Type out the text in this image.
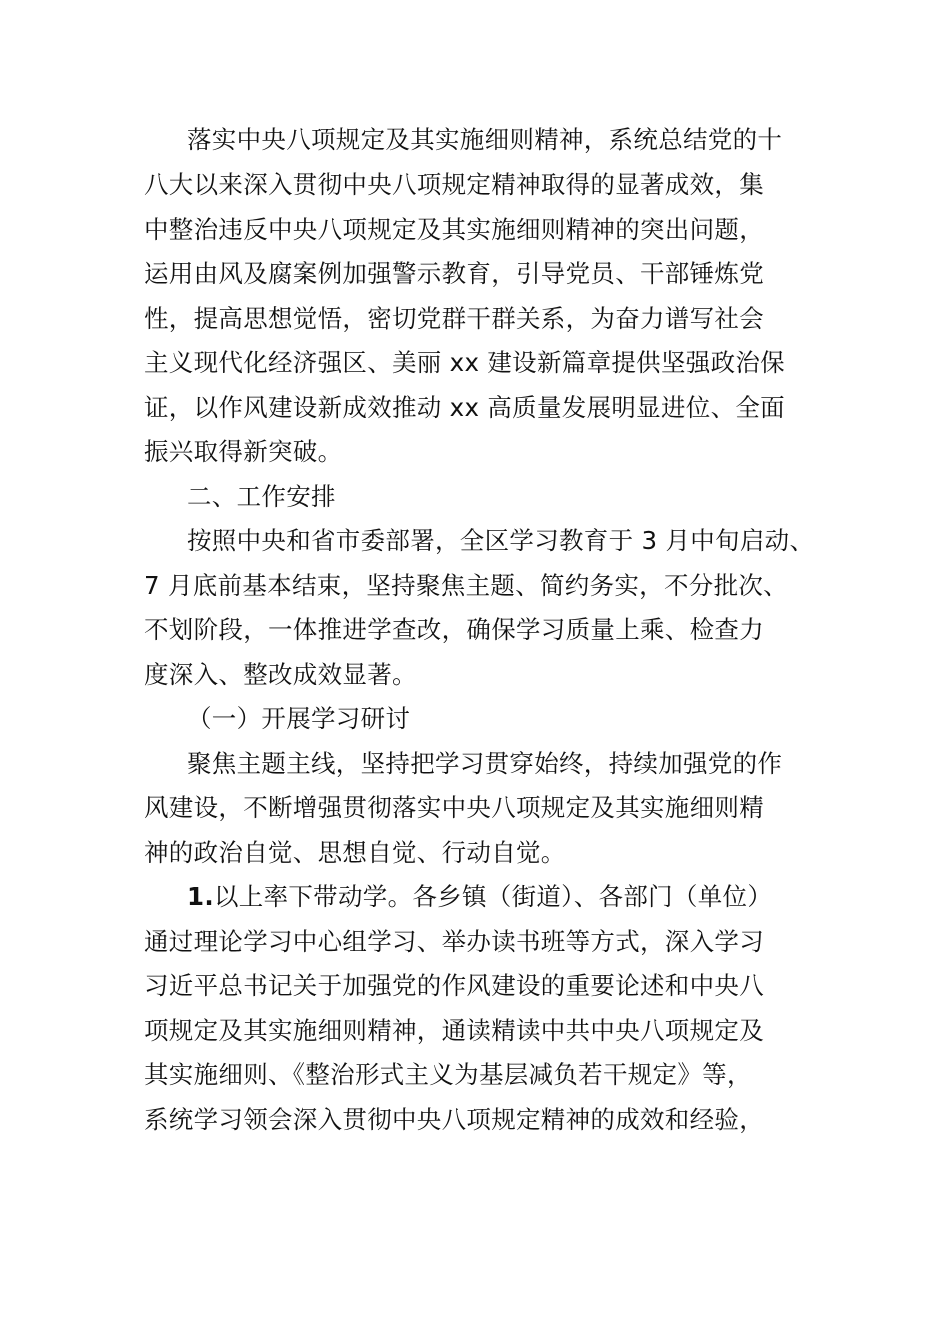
落实中央八项规定及其实施细则精神，系统总结党的十
八大以来深入贯彻中央八项规定精神取得的显著成效，集
中整治违反中央八项规定及其实施细则精神的突出问题，
运用由风及腐案例加强警示教育，引导党员、干部锤炼党
性，提高思想觉悟，密切党群干群关系，为奋力谱写社会
主义现代化经济强区、美丽 xx 建设新篇章提供坚强政治保
证，以作风建设新成效推动 xx 高质量发展明显进位、全面
振兴取得新突破。
二、工作安排
按照中央和省市委部署，全区学习教育于 3 月中旬启动、
7 月底前基本结束，坚持聚焦主题、简约务实，不分批次、
不划阶段，一体推进学查改，确保学习质量上乘、检查力
度深入、整改成效显著。
（一）开展学习研讨
聚焦主题主线，坚持把学习贯穿始终，持续加强党的作
风建设，不断增强贯彻落实中央八项规定及其实施细则精
神的政治自觉、思想自觉、行动自觉。
1.以上率下带动学。各乡镇（街道）、各部门（单位）
通过理论学习中心组学习、举办读书班等方式，深入学习
习近平总书记关于加强党的作风建设的重要论述和中央八
项规定及其实施细则精神，通读精读中共中央八项规定及
其实施细则、《整治形式主义为基层减负若干规定》等，
系统学习领会深入贯彻中央八项规定精神的成效和经验，
